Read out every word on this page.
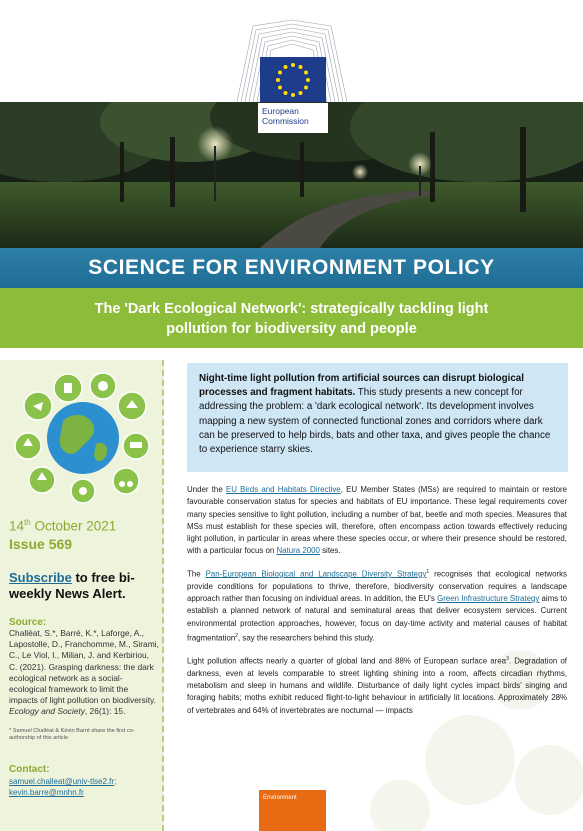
European
Commission
SCIENCE FOR ENVIRONMENT POLICY
The 'Dark Ecological Network': strategically tackling light
pollution for biodiversity and people
14th October 2021
Issue 569
Subscribe to free bi-weekly News Alert.
Source:
Challéat, S.*, Barré, K.*, Laforge, A., Lapostolle, D., Franchomme, M., Sirami, C., Le Viol, I., Milian, J. and Kerbiriou, C. (2021). Grasping darkness: the dark ecological network as a social-ecological framework to limit the impacts of light pollution on biodiversity. Ecology and Society, 26(1): 15.
* Samuel Challéat & Kévin Barré share the first co-authorship of this article
Contact:
samuel.challeat@univ-tlse2.fr; kevin.barre@mnhn.fr
Night-time light pollution from artificial sources can disrupt biological processes and fragment habitats. This study presents a new concept for addressing the problem: a 'dark ecological network'. Its development involves mapping a new system of connected functional zones and corridors where dark can be preserved to help birds, bats and other taxa, and gives people the chance to experience starry skies.

Under the EU Birds and Habitats Directive, EU Member States (MSs) are required to maintain or restore favourable conservation status for species and habitats of EU importance. These legal requirements cover many species sensitive to light pollution, including a number of bat, beetle and moth species. Measures that MSs must establish for these species will, therefore, often encompass action towards effectively reducing light pollution, in particular in areas where these species occur, or where their presence should be restored, with a particular focus on Natura 2000 sites.

The Pan-European Biological and Landscape Diversity Strategy$^1$ recognises that ecological networks provide conditions for populations to thrive, therefore, biodiversity conservation requires a landscape approach rather than focusing on individual areas. In addition, the EU's Green Infrastructure Strategy aims to establish a planned network of natural and seminatural areas that deliver ecosystem services. Current environmental protection approaches, however, focus on day-time activity and material causes of habitat fragmentation$^2$, say the researchers behind this study.

Light pollution affects nearly a quarter of global land and 88% of European surface area$^3$. Degradation of darkness, even at levels comparable to street lighting shining into a room, affects circadian rhythms, metabolism and sleep in humans and wildlife. Disturbance of daily light cycles impact birds' singing and foraging habits; moths exhibit reduced flight-to-light behaviour in artificially lit locations. Approximately 28% of vertebrates and 64% of invertebrates are nocturnal — impacts

Environment
